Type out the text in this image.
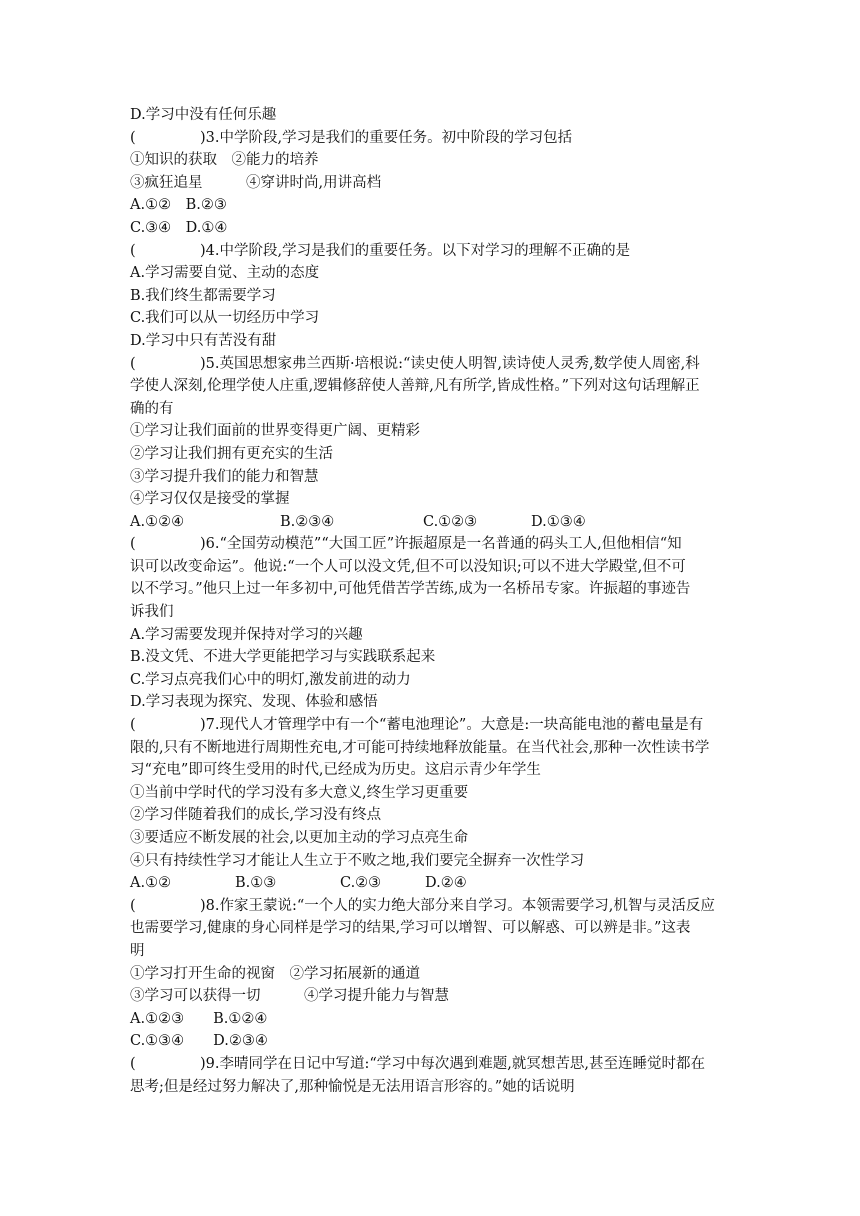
D.学习中没有任何乐趣
(	)3.中学阶段,学习是我们的重要任务。初中阶段的学习包括
①知识的获取　②能力的培养
③疯狂追星　　　④穿讲时尚,用讲高档
A.①②　B.②③
C.③④　D.①④
(	)4.中学阶段,学习是我们的重要任务。以下对学习的理解不正确的是
A.学习需要自觉、主动的态度
B.我们终生都需要学习
C.我们可以从一切经历中学习
D.学习中只有苦没有甜
(	)5.英国思想家弗兰西斯·培根说:“读史使人明智,读诗使人灵秀,数学使人周密,科
学使人深刻,伦理学使人庄重,逻辑修辞使人善辩,凡有所学,皆成性格。”下列对这句话理解正
确的有
①学习让我们面前的世界变得更广阔、更精彩
②学习让我们拥有更充实的生活
③学习提升我们的能力和智慧
④学习仅仅是接受的掌握
A.①②④	B.②③④	C.①②③	D.①③④
(	)6.“全国劳动模范”“大国工匠”许振超原是一名普通的码头工人,但他相信“知
识可以改变命运”。他说:“一个人可以没文凭,但不可以没知识;可以不进大学殿堂,但不可
以不学习。”他只上过一年多初中,可他凭借苦学苦练,成为一名桥吊专家。许振超的事迹告
诉我们
A.学习需要发现并保持对学习的兴趣
B.没文凭、不进大学更能把学习与实践联系起来
C.学习点亮我们心中的明灯,激发前进的动力
D.学习表现为探究、发现、体验和感悟
(	)7.现代人才管理学中有一个“蓄电池理论”。大意是:一块高能电池的蓄电量是有
限的,只有不断地进行周期性充电,才可能可持续地释放能量。在当代社会,那种一次性读书学
习“充电”即可终生受用的时代,已经成为历史。这启示青少年学生
①当前中学时代的学习没有多大意义,终生学习更重要
②学习伴随着我们的成长,学习没有终点
③要适应不断发展的社会,以更加主动的学习点亮生命
④只有持续性学习才能让人生立于不败之地,我们要完全摒弃一次性学习
A.①②	B.①③	C.②③	D.②④
(	)8.作家王蒙说:“一个人的实力绝大部分来自学习。本领需要学习,机智与灵活反应
也需要学习,健康的身心同样是学习的结果,学习可以增智、可以解惑、可以辨是非。”这表
明
①学习打开生命的视窗　②学习拓展新的通道
③学习可以获得一切　　　④学习提升能力与智慧
A.①②③　　B.①②④
C.①③④　　D.②③④
(	)9.李晴同学在日记中写道:“学习中每次遇到难题,就冥想苦思,甚至连睡觉时都在
思考;但是经过努力解决了,那种愉悦是无法用语言形容的。”她的话说明
